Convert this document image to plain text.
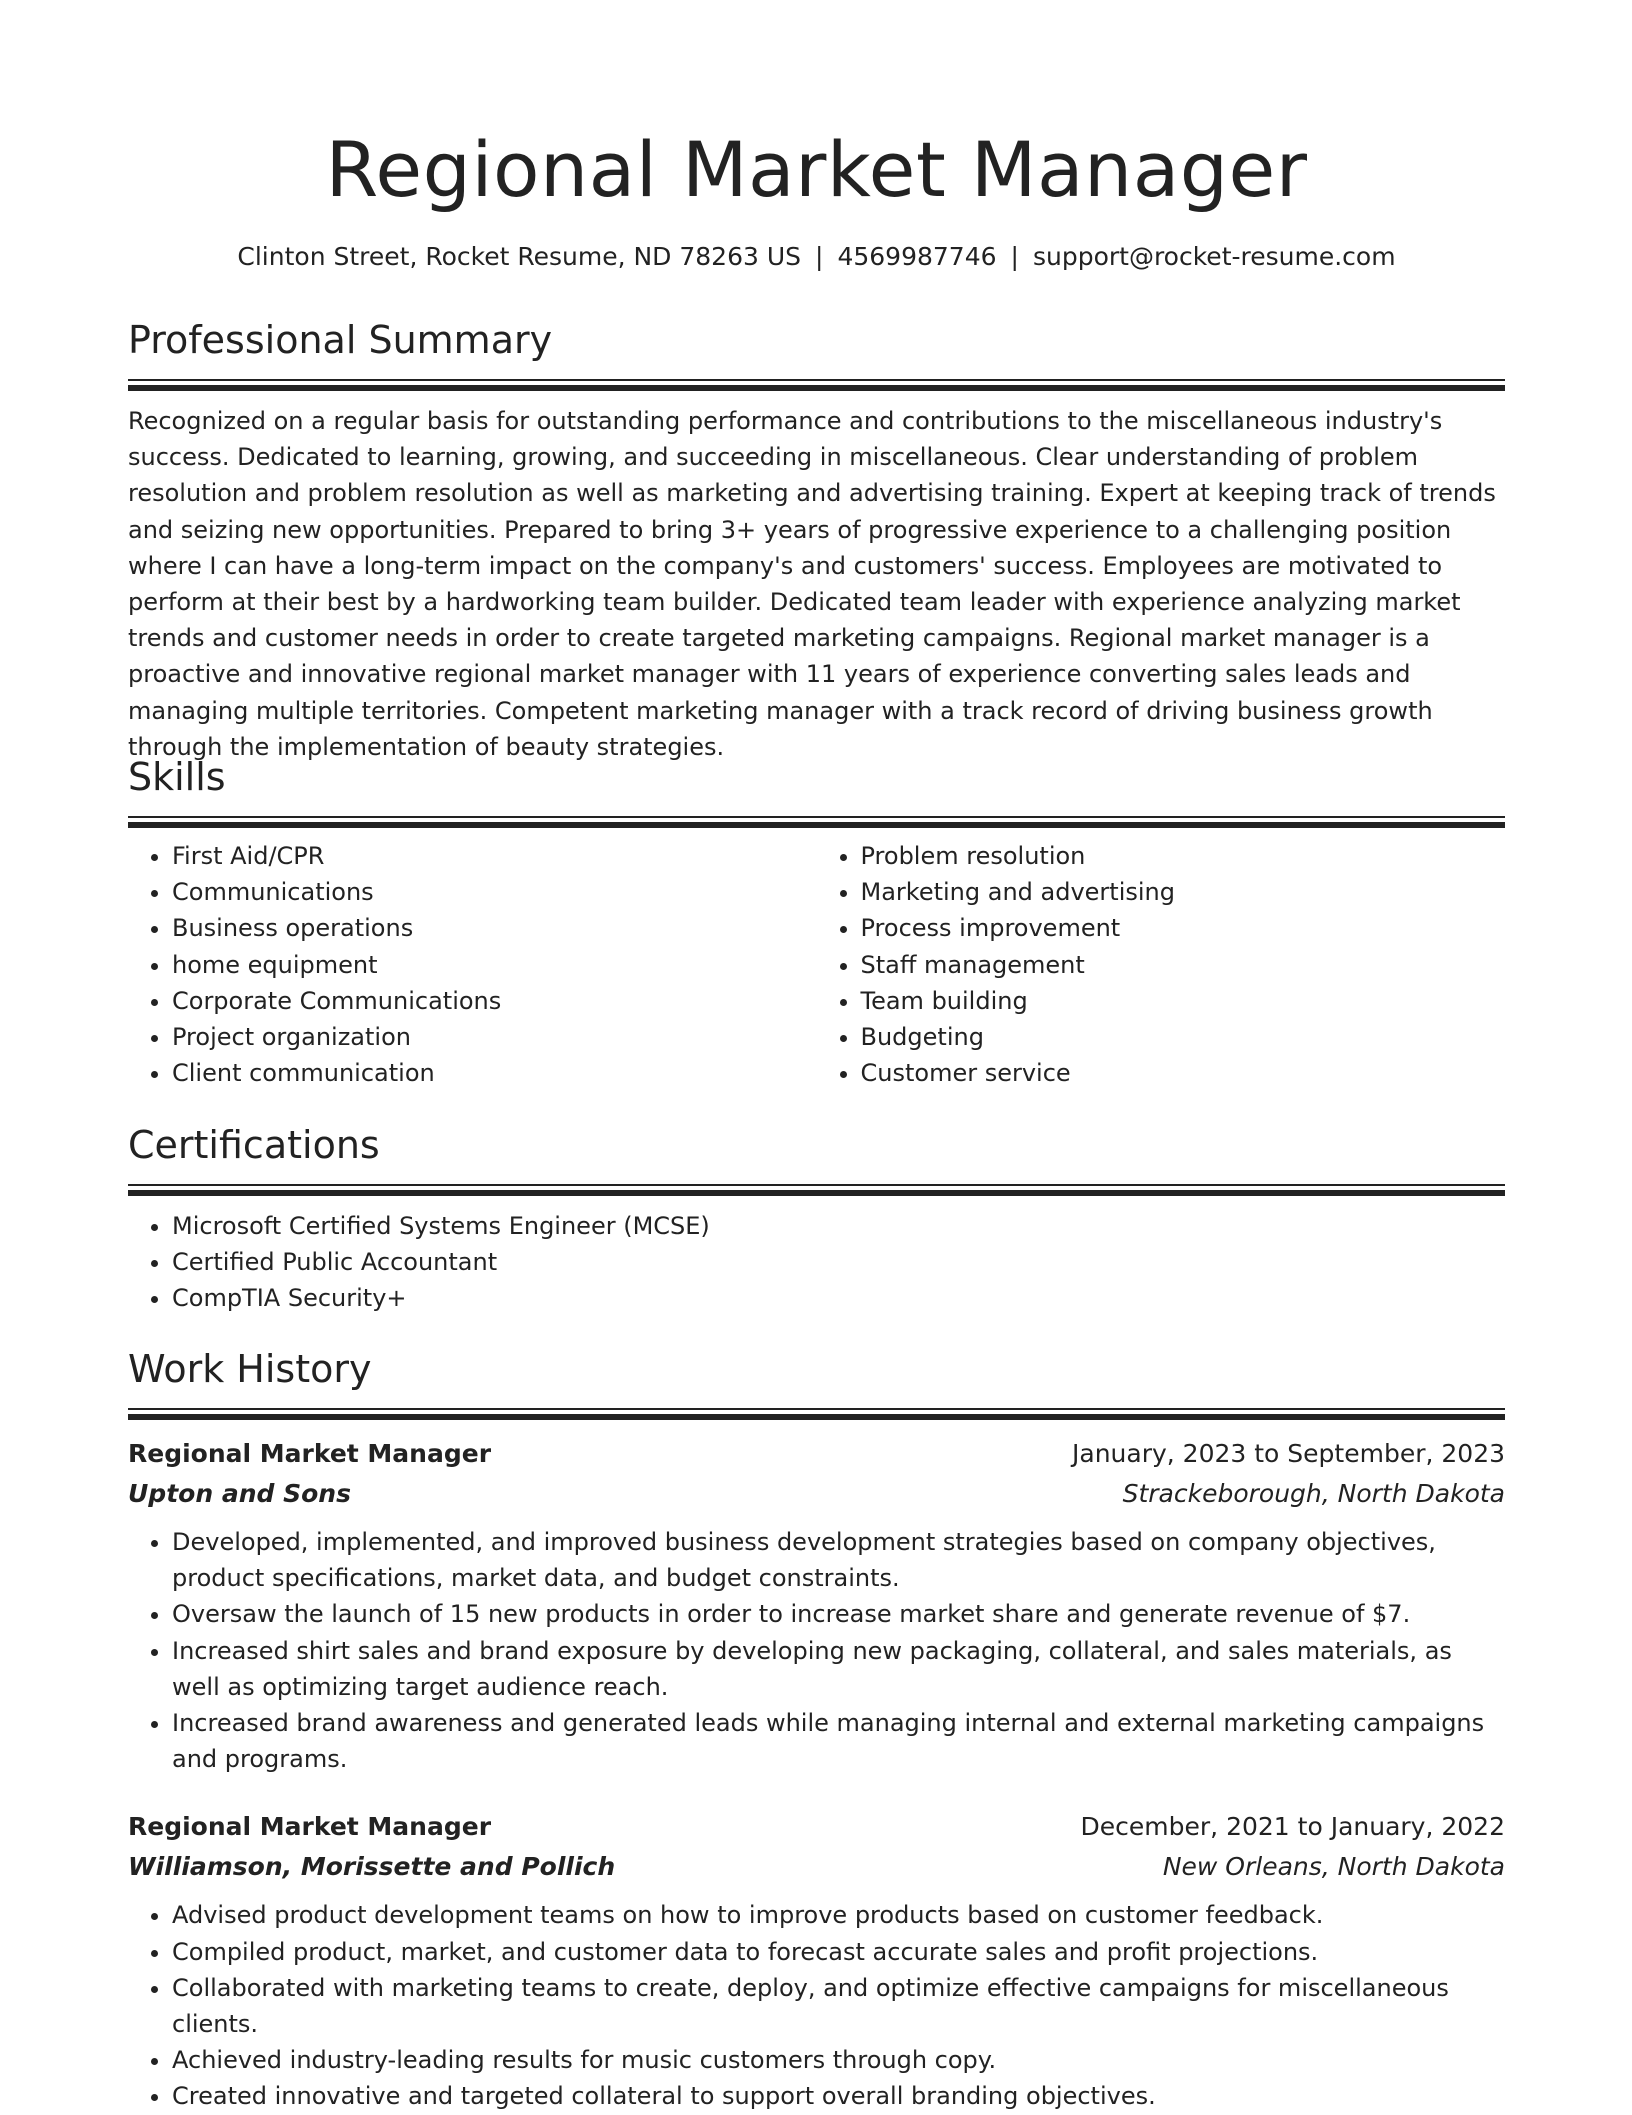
Regional Market Manager
Clinton Street, Rocket Resume, ND 78263 US | 4569987746 | support@rocket-resume.com
Professional Summary

Recognized on a regular basis for outstanding performance and contributions to the miscellaneous industry's success. Dedicated to learning, growing, and succeeding in miscellaneous. Clear understanding of problem resolution and problem resolution as well as marketing and advertising training. Expert at keeping track of trends and seizing new opportunities. Prepared to bring 3+ years of progressive experience to a challenging position where I can have a long-term impact on the company's and customers' success. Employees are motivated to perform at their best by a hardworking team builder. Dedicated team leader with experience analyzing market trends and customer needs in order to create targeted marketing campaigns. Regional market manager is a proactive and innovative regional market manager with 11 years of experience converting sales leads and managing multiple territories. Competent marketing manager with a track record of driving business growth through the implementation of beauty strategies.

Skills
• First Aid/CPR
• Communications
• Business operations
• home equipment
• Corporate Communications
• Project organization
• Client communication
• Problem resolution
• Marketing and advertising
• Process improvement
• Staff management
• Team building
• Budgeting
• Customer service
Certifications
• Microsoft Certified Systems Engineer (MCSE)
• Certified Public Accountant
• CompTIA Security+
Work History
Regional Market Manager	January, 2023 to September, 2023
Upton and Sons	Strackeborough, North Dakota
• Developed, implemented, and improved business development strategies based on company objectives, product specifications, market data, and budget constraints.
• Oversaw the launch of 15 new products in order to increase market share and generate revenue of $7.
• Increased shirt sales and brand exposure by developing new packaging, collateral, and sales materials, as well as optimizing target audience reach.
• Increased brand awareness and generated leads while managing internal and external marketing campaigns and programs.
Regional Market Manager	December, 2021 to January, 2022
Williamson, Morissette and Pollich	New Orleans, North Dakota
• Advised product development teams on how to improve products based on customer feedback.
• Compiled product, market, and customer data to forecast accurate sales and profit projections.
• Collaborated with marketing teams to create, deploy, and optimize effective campaigns for miscellaneous clients.
• Achieved industry-leading results for music customers through copy.
• Created innovative and targeted collateral to support overall branding objectives.
